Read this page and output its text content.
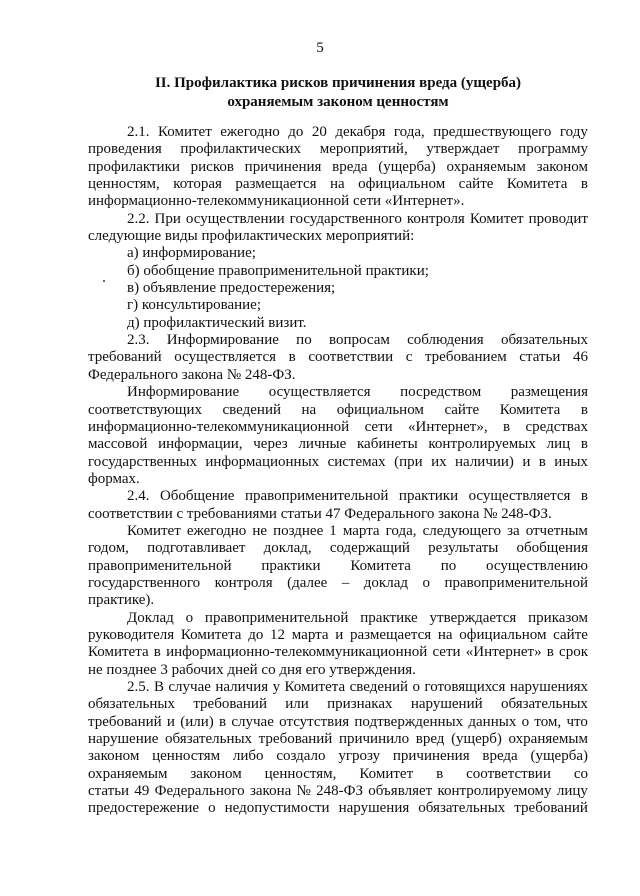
5
II. Профилактика рисков причинения вреда (ущерба)
охраняемым законом ценностям
2.1. Комитет ежегодно до 20 декабря года, предшествующего году
проведения профилактических мероприятий, утверждает программу
профилактики рисков причинения вреда (ущерба) охраняемым законом
ценностям, которая размещается на официальном сайте Комитета в
информационно-телекоммуникационной сети «Интернет».
2.2. При осуществлении государственного контроля Комитет проводит
следующие виды профилактических мероприятий:
а) информирование;
б) обобщение правоприменительной практики;
в) объявление предостережения;
г) консультирование;
д) профилактический визит.
2.3. Информирование по вопросам соблюдения обязательных
требований осуществляется в соответствии с требованием статьи 46
Федерального закона № 248-ФЗ.
Информирование осуществляется посредством размещения
соответствующих сведений на официальном сайте Комитета в
информационно-телекоммуникационной сети «Интернет», в средствах
массовой информации, через личные кабинеты контролируемых лиц в
государственных информационных системах (при их наличии) и в иных
формах.
2.4. Обобщение правоприменительной практики осуществляется в
соответствии с требованиями статьи 47 Федерального закона № 248-ФЗ.
Комитет ежегодно не позднее 1 марта года, следующего за отчетным
годом, подготавливает доклад, содержащий результаты обобщения
правоприменительной практики Комитета по осуществлению
государственного контроля (далее – доклад о правоприменительной
практике).
Доклад о правоприменительной практике утверждается приказом
руководителя Комитета до 12 марта и размещается на официальном сайте
Комитета в информационно-телекоммуникационной сети «Интернет» в срок
не позднее 3 рабочих дней со дня его утверждения.
2.5. В случае наличия у Комитета сведений о готовящихся нарушениях
обязательных требований или признаках нарушений обязательных
требований и (или) в случае отсутствия подтвержденных данных о том, что
нарушение обязательных требований причинило вред (ущерб) охраняемым
законом ценностям либо создало угрозу причинения вреда (ущерба)
охраняемым законом ценностям, Комитет в соответствии со
статьи 49 Федерального закона № 248-ФЗ объявляет контролируемому лицу
предостережение о недопустимости нарушения обязательных требований
